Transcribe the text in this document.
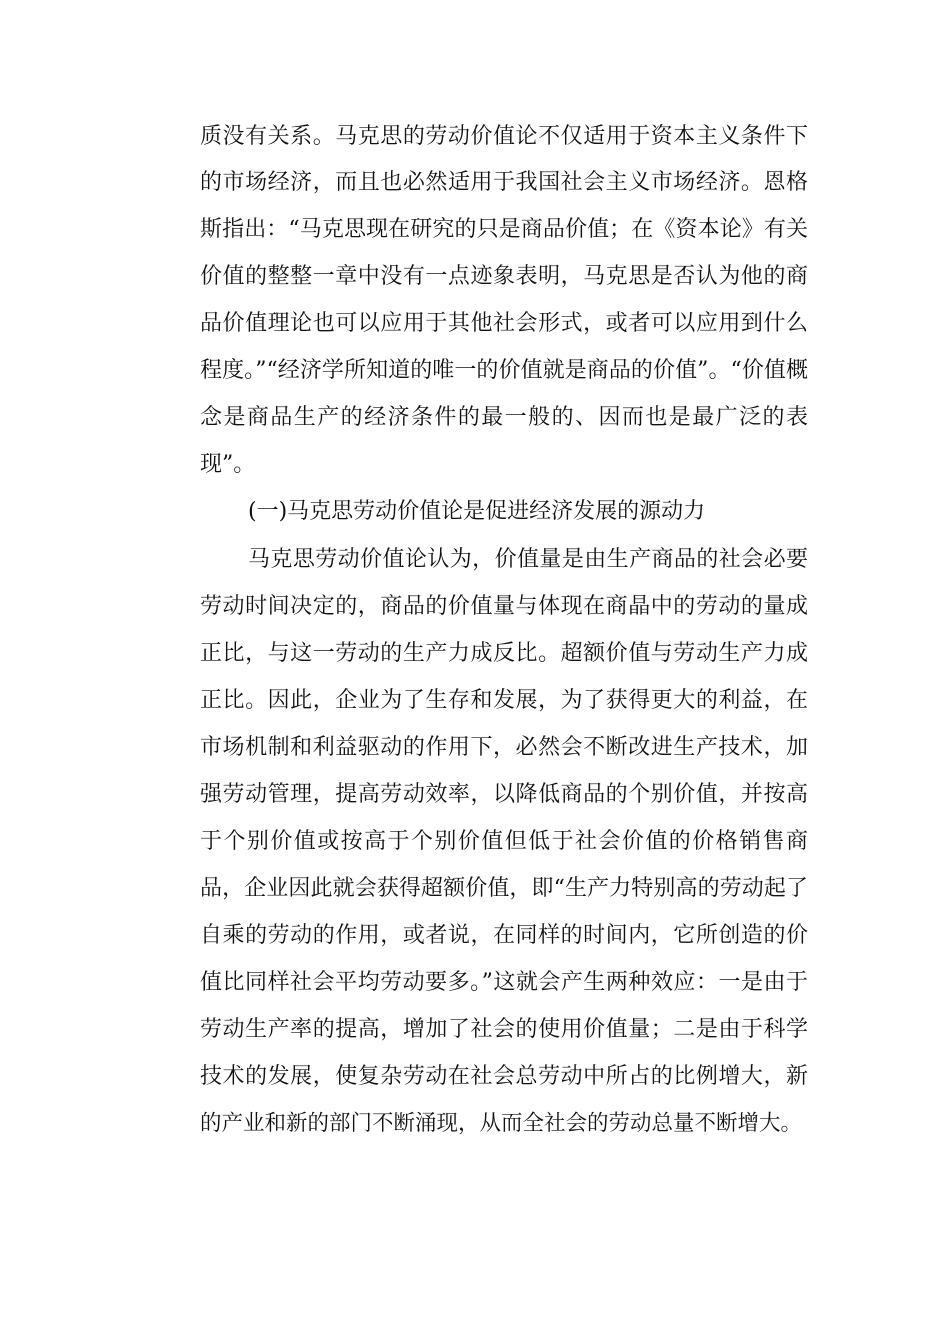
质没有关系。马克思的劳动价值论不仅适用于资本主义条件下
的市场经济，而且也必然适用于我国社会主义市场经济。恩格
斯指出：“马克思现在研究的只是商品价值；在《资本论》有关
价值的整整一章中没有一点迹象表明，马克思是否认为他的商
品价值理论也可以应用于其他社会形式，或者可以应用到什么
程度。”“经济学所知道的唯一的价值就是商品的价值”。“价值概
念是商品生产的经济条件的最一般的、因而也是最广泛的表
现”。
(一)马克思劳动价值论是促进经济发展的源动力
马克思劳动价值论认为，价值量是由生产商品的社会必要
劳动时间决定的，商品的价值量与体现在商晶中的劳动的量成
正比，与这一劳动的生产力成反比。超额价值与劳动生产力成
正比。因此，企业为了生存和发展，为了获得更大的利益，在
市场机制和利益驱动的作用下，必然会不断改进生产技术，加
强劳动管理，提高劳动效率，以降低商品的个别价值，并按高
于个别价值或按高于个别价值但低于社会价值的价格销售商
品，企业因此就会获得超额价值，即“生产力特别高的劳动起了
自乘的劳动的作用，或者说，在同样的时间内，它所创造的价
值比同样社会平均劳动要多。”这就会产生两种效应：一是由于
劳动生产率的提高，增加了社会的使用价值量；二是由于科学
技术的发展，使复杂劳动在社会总劳动中所占的比例增大，新
的产业和新的部门不断涌现，从而全社会的劳动总量不断增大。
